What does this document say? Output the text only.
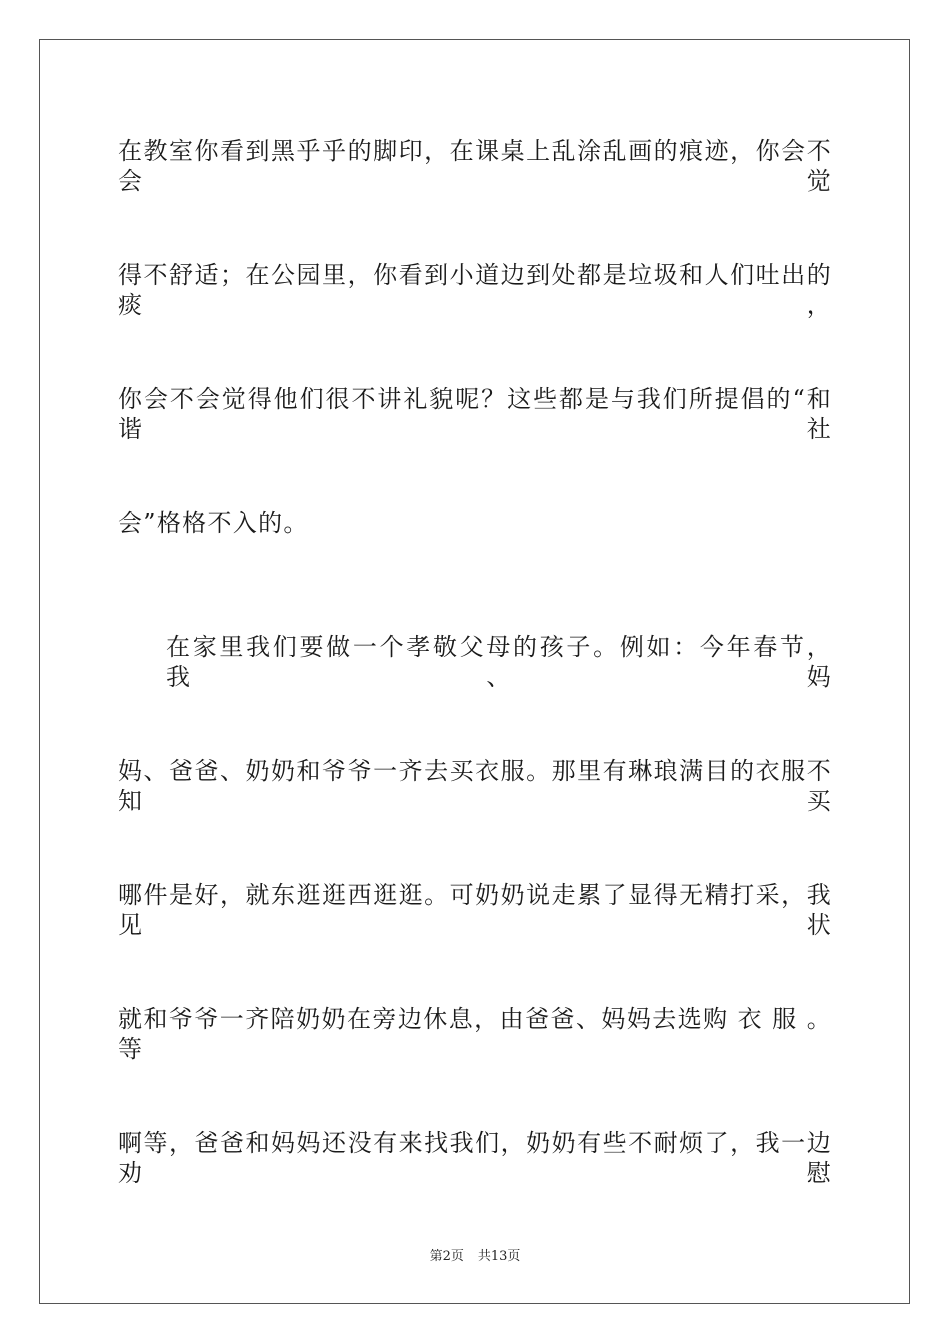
在教室你看到黑乎乎的脚印，在课桌上乱涂乱画的痕迹，你会不会觉
得不舒适；在公园里，你看到小道边到处都是垃圾和人们吐出的痰，
你会不会觉得他们很不讲礼貌呢？这些都是与我们所提倡的“和谐社
会”格格不入的。
在家里我们要做一个孝敬父母的孩子。例如：今年春节，我、妈
妈、爸爸、奶奶和爷爷一齐去买衣服。那里有琳琅满目的衣服不知买
哪件是好，就东逛逛西逛逛。可奶奶说走累了显得无精打采，我见状
就和爷爷一齐陪奶奶在旁边休息，由爸爸、妈妈去选购 衣 服 。 等
啊等，爸爸和妈妈还没有来找我们，奶奶有些不耐烦了，我一边劝慰
第2页 共13页
